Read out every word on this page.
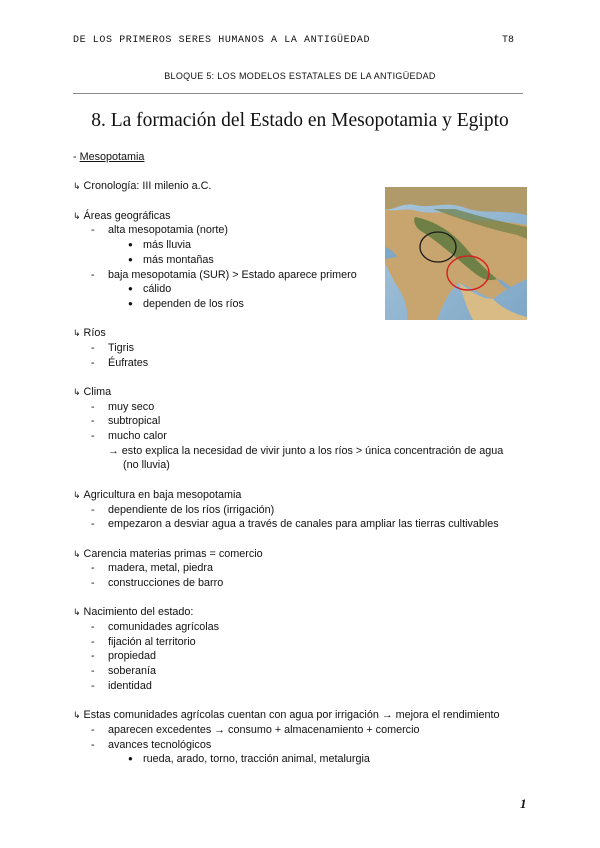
DE LOS PRIMEROS SERES HUMANOS A LA ANTIGÜEDAD	T8
BLOQUE 5: LOS MODELOS ESTATALES DE LA ANTIGÜEDAD
8. La formación del Estado en Mesopotamia y Egipto
- Mesopotamia
↳ Cronología: III milenio a.C.
↳ Áreas geográficas
- alta mesopotamia (norte)
● más lluvia
● más montañas
- baja mesopotamia (SUR) > Estado aparece primero
● cálido
● dependen de los ríos
↳ Ríos
- Tigris
- Éufrates
↳ Clima
- muy seco
- subtropical
- mucho calor
→ esto explica la necesidad de vivir junto a los ríos > única concentración de agua
(no lluvia)
↳ Agricultura en baja mesopotamia
- dependiente de los ríos (irrigación)
- empezaron a desviar agua a través de canales para ampliar las tierras cultivables
↳ Carencia materias primas = comercio
- madera, metal, piedra
- construcciones de barro
↳ Nacimiento del estado:
- comunidades agrícolas
- fijación al territorio
- propiedad
- soberanía
- identidad
↳ Estas comunidades agrícolas cuentan con agua por irrigación → mejora el rendimiento
- aparecen excedentes → consumo + almacenamiento + comercio
- avances tecnológicos
● rueda, arado, torno, tracción animal, metalurgia
1
